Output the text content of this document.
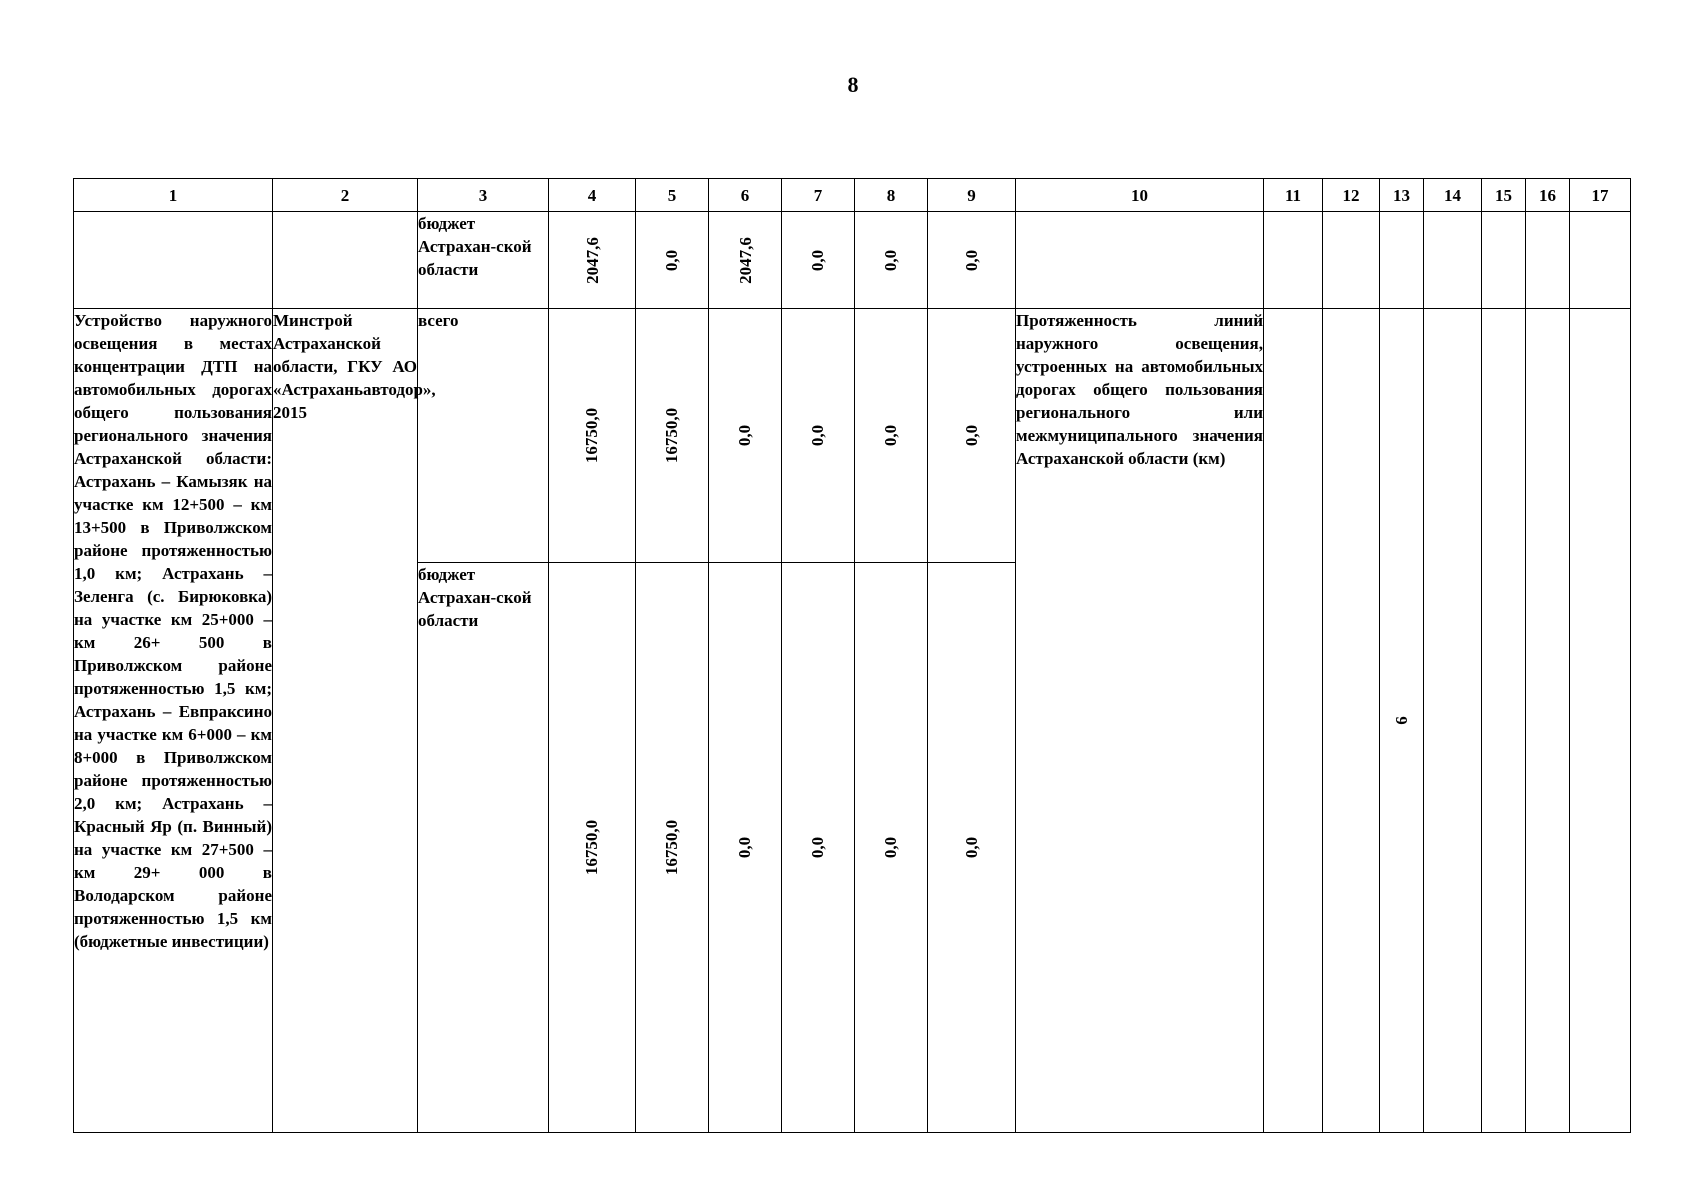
8
1	2	3	4	5	6	7	8	9	10	11	12	13	14	15	16	17
		бюджет Астрахан-ской области	2047,6	0,0	2047,6	0,0	0,0	0,0								
Устройство наружного освещения в местах концентрации ДТП на автомобильных дорогах общего пользования регионального значения Астраханской области: Астрахань – Камызяк на участке км 12+500 – км 13+500 в Приволжском районе протяженностью 1,0 км; Астрахань – Зеленга (с. Бирюковка) на участке км 25+000 – км 26+ 500 в Приволжском районе протяженностью 1,5 км; Астрахань – Евпраксино на участке км 6+000 – км 8+000 в Приволжском районе протяженностью 2,0 км; Астрахань – Красный Яр (п. Винный) на участке км 27+500 – км 29+ 000 в Володарском районе протяженностью 1,5 км (бюджетные инвестиции)	Минстрой Астраханской области, ГКУ АО «Астраханьавтодор», 2015	всего	16750,0	16750,0	0,0	0,0	0,0	0,0	Протяженность линий наружного освещения, устроенных на автомобильных дорогах общего пользования регионального или межмуниципального значения Астраханской области (км)			6				
		бюджет Астрахан-ской области	16750,0	16750,0	0,0	0,0	0,0	0,0								
